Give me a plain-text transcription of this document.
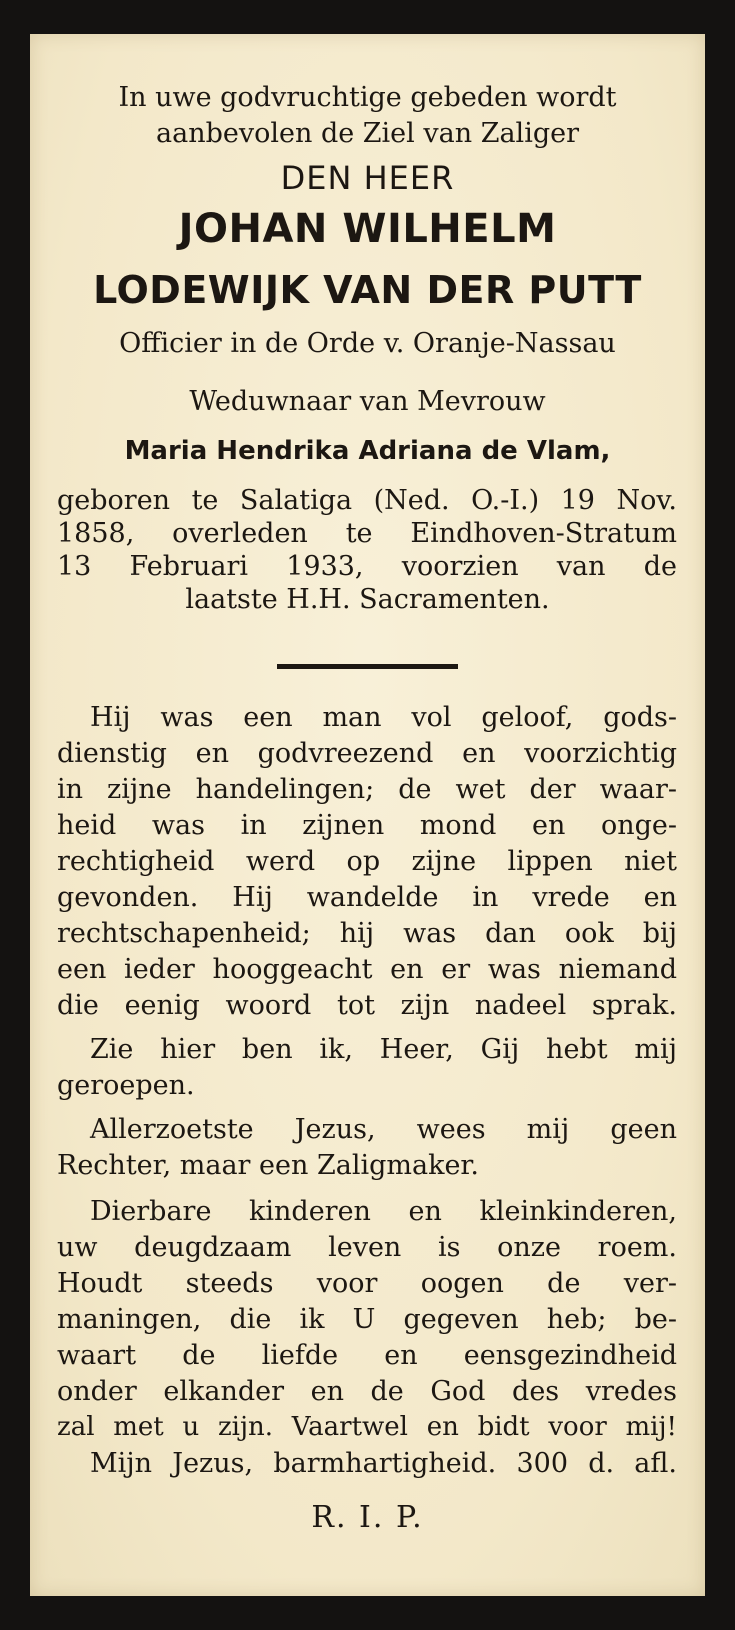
In uwe godvruchtige gebeden wordt
aanbevolen de Ziel van Zaliger
DEN HEER
JOHAN WILHELM
LODEWIJK VAN DER PUTT
Officier in de Orde v. Oranje-Nassau
Weduwnaar van Mevrouw
Maria Hendrika Adriana de Vlam,
geboren te Salatiga (Ned. O.-I.) 19 Nov.
1858, overleden te Eindhoven-Stratum
13 Februari 1933, voorzien van de
laatste H.H. Sacramenten.
Hij was een man vol geloof, gods-
dienstig en godvreezend en voorzichtig
in zijne handelingen; de wet der waar-
heid was in zijnen mond en onge-
rechtigheid werd op zijne lippen niet
gevonden. Hij wandelde in vrede en
rechtschapenheid; hij was dan ook bij
een ieder hooggeacht en er was niemand
die eenig woord tot zijn nadeel sprak.
Zie hier ben ik, Heer, Gij hebt mij
geroepen.
Allerzoetste Jezus, wees mij geen
Rechter, maar een Zaligmaker.
Dierbare kinderen en kleinkinderen,
uw deugdzaam leven is onze roem.
Houdt steeds voor oogen de ver-
maningen, die ik U gegeven heb; be-
waart de liefde en eensgezindheid
onder elkander en de God des vredes
zal met u zijn. Vaartwel en bidt voor mij!
Mijn Jezus, barmhartigheid. 300 d. afl.
R. I. P.
